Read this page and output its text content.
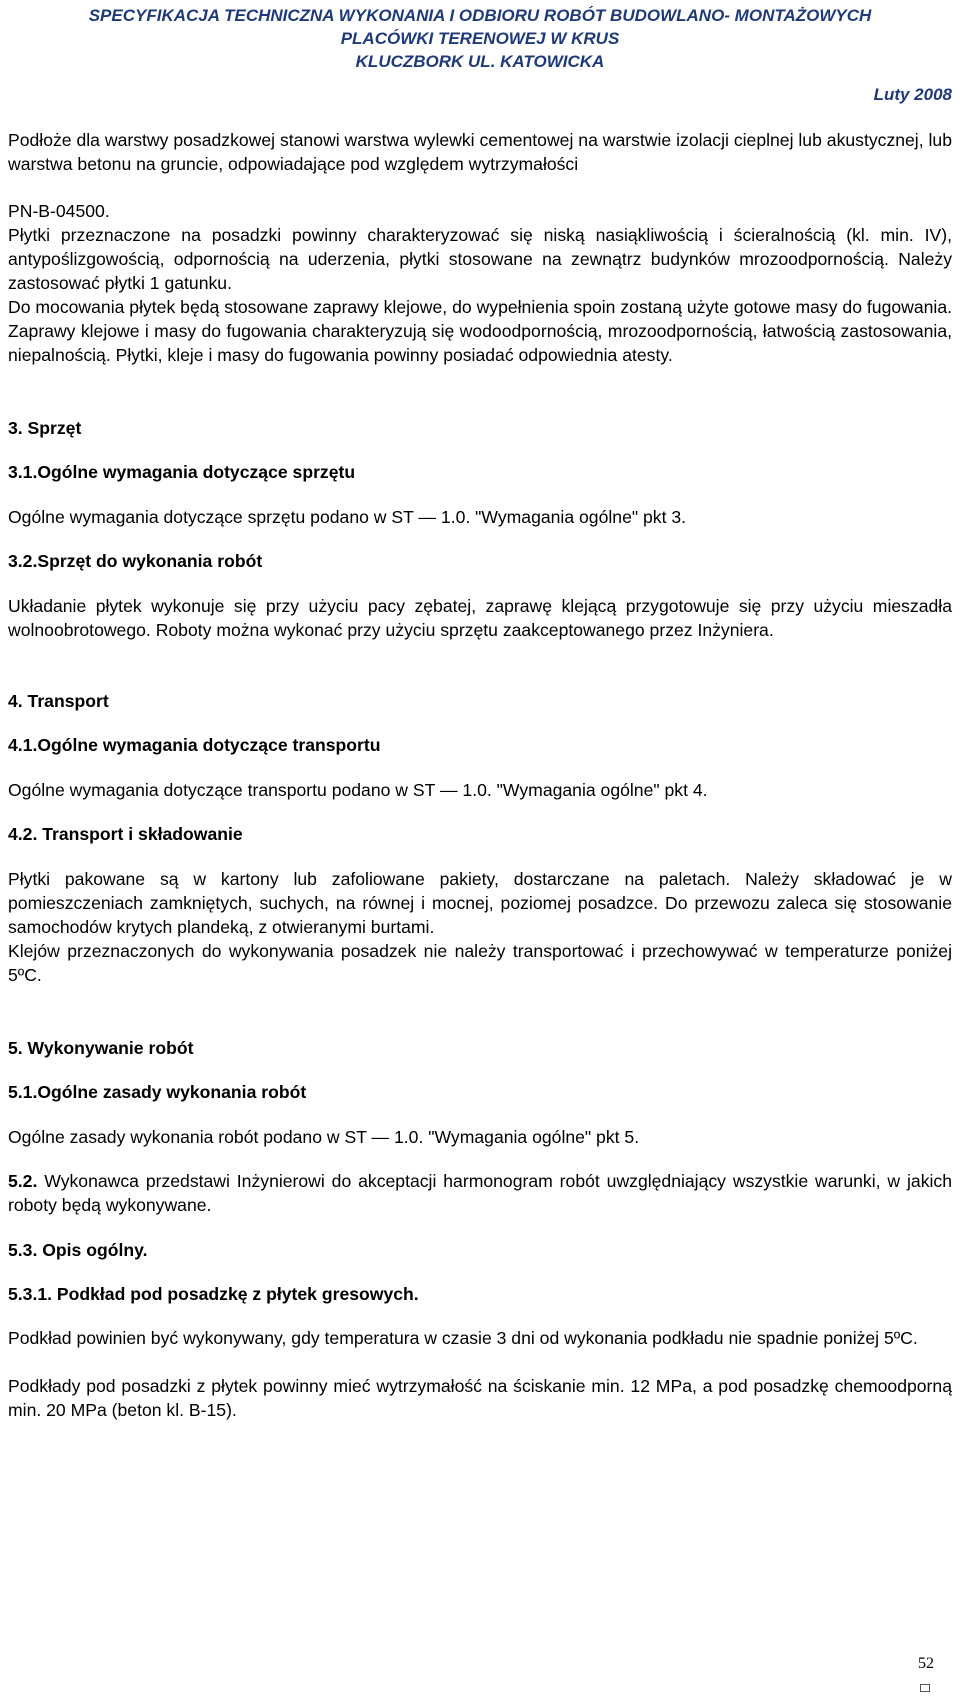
SPECYFIKACJA TECHNICZNA WYKONANIA I ODBIORU ROBÓT BUDOWLANO- MONTAŻOWYCH
PLACÓWKI TERENOWEJ W KRUS
KLUCZBORK UL. KATOWICKA
Luty 2008

Podłoże dla warstwy posadzkowej stanowi warstwa wylewki cementowej na warstwie izolacji cieplnej lub akustycznej, lub warstwa betonu na gruncie, odpowiadające pod względem wytrzymałości

PN-B-04500.

Płytki przeznaczone na posadzki powinny charakteryzować się niską nasiąkliwością i ścieralnością (kl. min. IV), antypoślizgowością, odpornością na uderzenia, płytki stosowane na zewnątrz budynków mrozoodpornością. Należy zastosować płytki 1 gatunku.

Do mocowania płytek będą stosowane zaprawy klejowe, do wypełnienia spoin zostaną użyte gotowe masy do fugowania. Zaprawy klejowe i masy do fugowania charakteryzują się wodoodpornością, mrozoodpornością, łatwością zastosowania, niepalnością. Płytki, kleje i masy do fugowania powinny posiadać odpowiednia atesty.

3. Sprzęt

3.1.Ogólne wymagania dotyczące sprzętu

Ogólne wymagania dotyczące sprzętu podano w ST — 1.0. "Wymagania ogólne" pkt 3.

3.2.Sprzęt do wykonania robót

Układanie płytek wykonuje się przy użyciu pacy zębatej, zaprawę klejącą przygotowuje się przy użyciu mieszadła wolnoobrotowego. Roboty można wykonać przy użyciu sprzętu zaakceptowanego przez Inżyniera.

4. Transport

4.1.Ogólne wymagania dotyczące transportu

Ogólne wymagania dotyczące transportu podano w ST — 1.0. "Wymagania ogólne" pkt 4.

4.2. Transport i składowanie

Płytki pakowane są w kartony lub zafoliowane pakiety, dostarczane na paletach. Należy składować je w pomieszczeniach zamkniętych, suchych, na równej i mocnej, poziomej posadzce. Do przewozu zaleca się stosowanie samochodów krytych plandeką, z otwieranymi burtami.

Klejów przeznaczonych do wykonywania posadzek nie należy transportować i przechowywać w temperaturze poniżej 5ºC.

5. Wykonywanie robót

5.1.Ogólne zasady wykonania robót

Ogólne zasady wykonania robót podano w ST — 1.0. "Wymagania ogólne" pkt 5.

5.2. Wykonawca przedstawi Inżynierowi do akceptacji harmonogram robót uwzględniający wszystkie warunki, w jakich roboty będą wykonywane.

5.3. Opis ogólny.

5.3.1. Podkład pod posadzkę z płytek gresowych.

Podkład powinien być wykonywany, gdy temperatura w czasie 3 dni od wykonania podkładu nie spadnie poniżej 5ºC.

Podkłady pod posadzki z płytek powinny mieć wytrzymałość na ściskanie min. 12 MPa, a pod posadzkę chemoodporną min. 20 MPa (beton kl. B-15).

52
